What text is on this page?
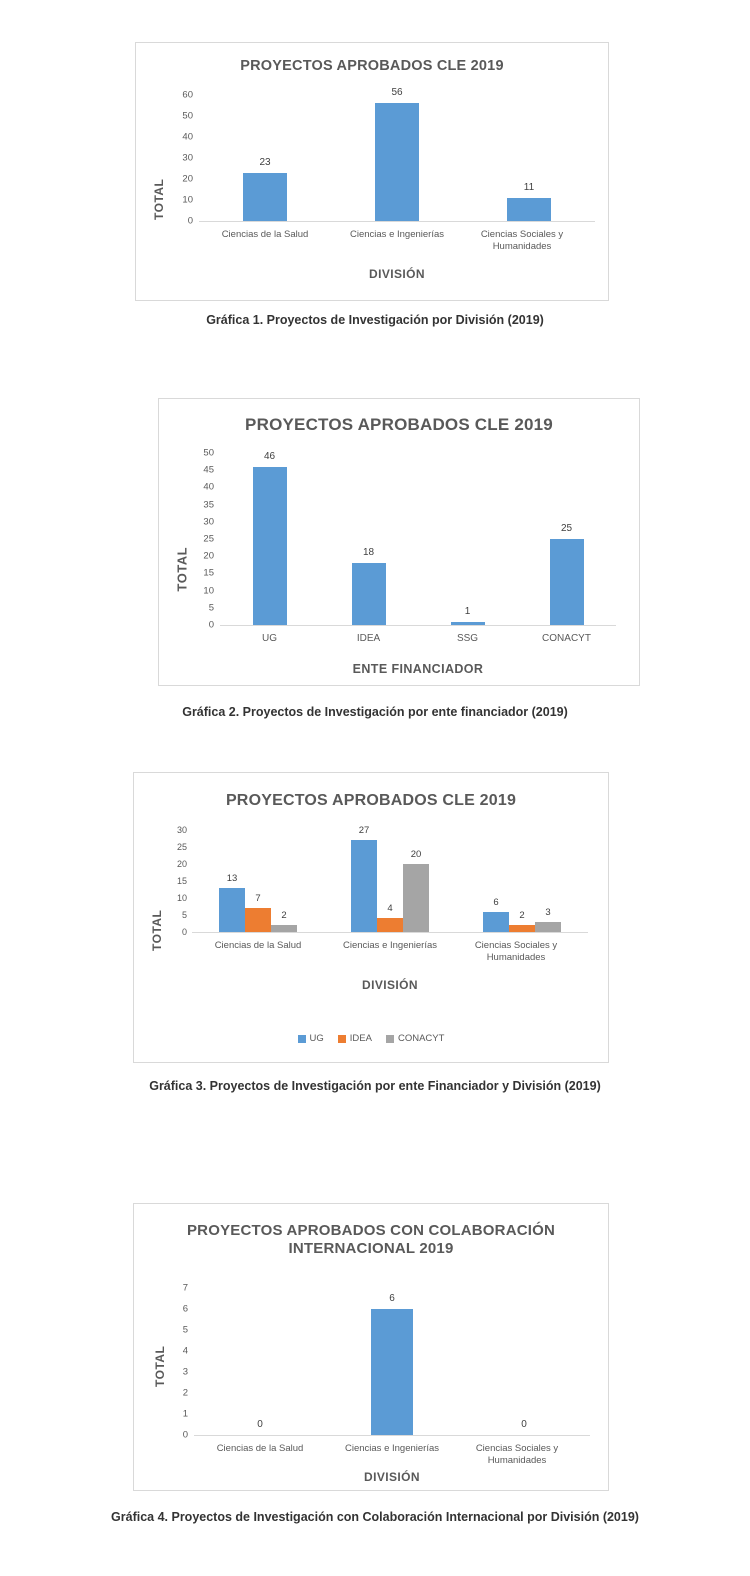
PROYECTOS APROBADOS CLE 2019
TOTAL
60
50
40
30
20
10
0
23
56
11
Ciencias de la Salud	Ciencias e Ingenierías	Ciencias Sociales y Humanidades
DIVISIÓN
Gráfica 1. Proyectos de Investigación por División (2019)
PROYECTOS APROBADOS CLE 2019
TOTAL
50
45
40
35
30
25
20
15
10
5
0
46
18
1
25
UG	IDEA	SSG	CONACYT
ENTE FINANCIADOR
Gráfica 2. Proyectos de Investigación por ente financiador (2019)
PROYECTOS APROBADOS CLE 2019
TOTAL
30
25
20
15
10
5
0
13
7
2
27
4
20
6
2 3
Ciencias de la Salud	Ciencias e Ingenierías	Ciencias Sociales y Humanidades
DIVISIÓN
UG	IDEA	CONACYT
Gráfica 3. Proyectos de Investigación por ente Financiador y División (2019)
PROYECTOS APROBADOS CON COLABORACIÓN
INTERNACIONAL 2019
TOTAL
7
6
5
4
3
2
1
0
0
6
0
Ciencias de la Salud	Ciencias e Ingenierías	Ciencias Sociales y Humanidades
DIVISIÓN
Gráfica 4. Proyectos de Investigación con Colaboración Internacional por División (2019)
